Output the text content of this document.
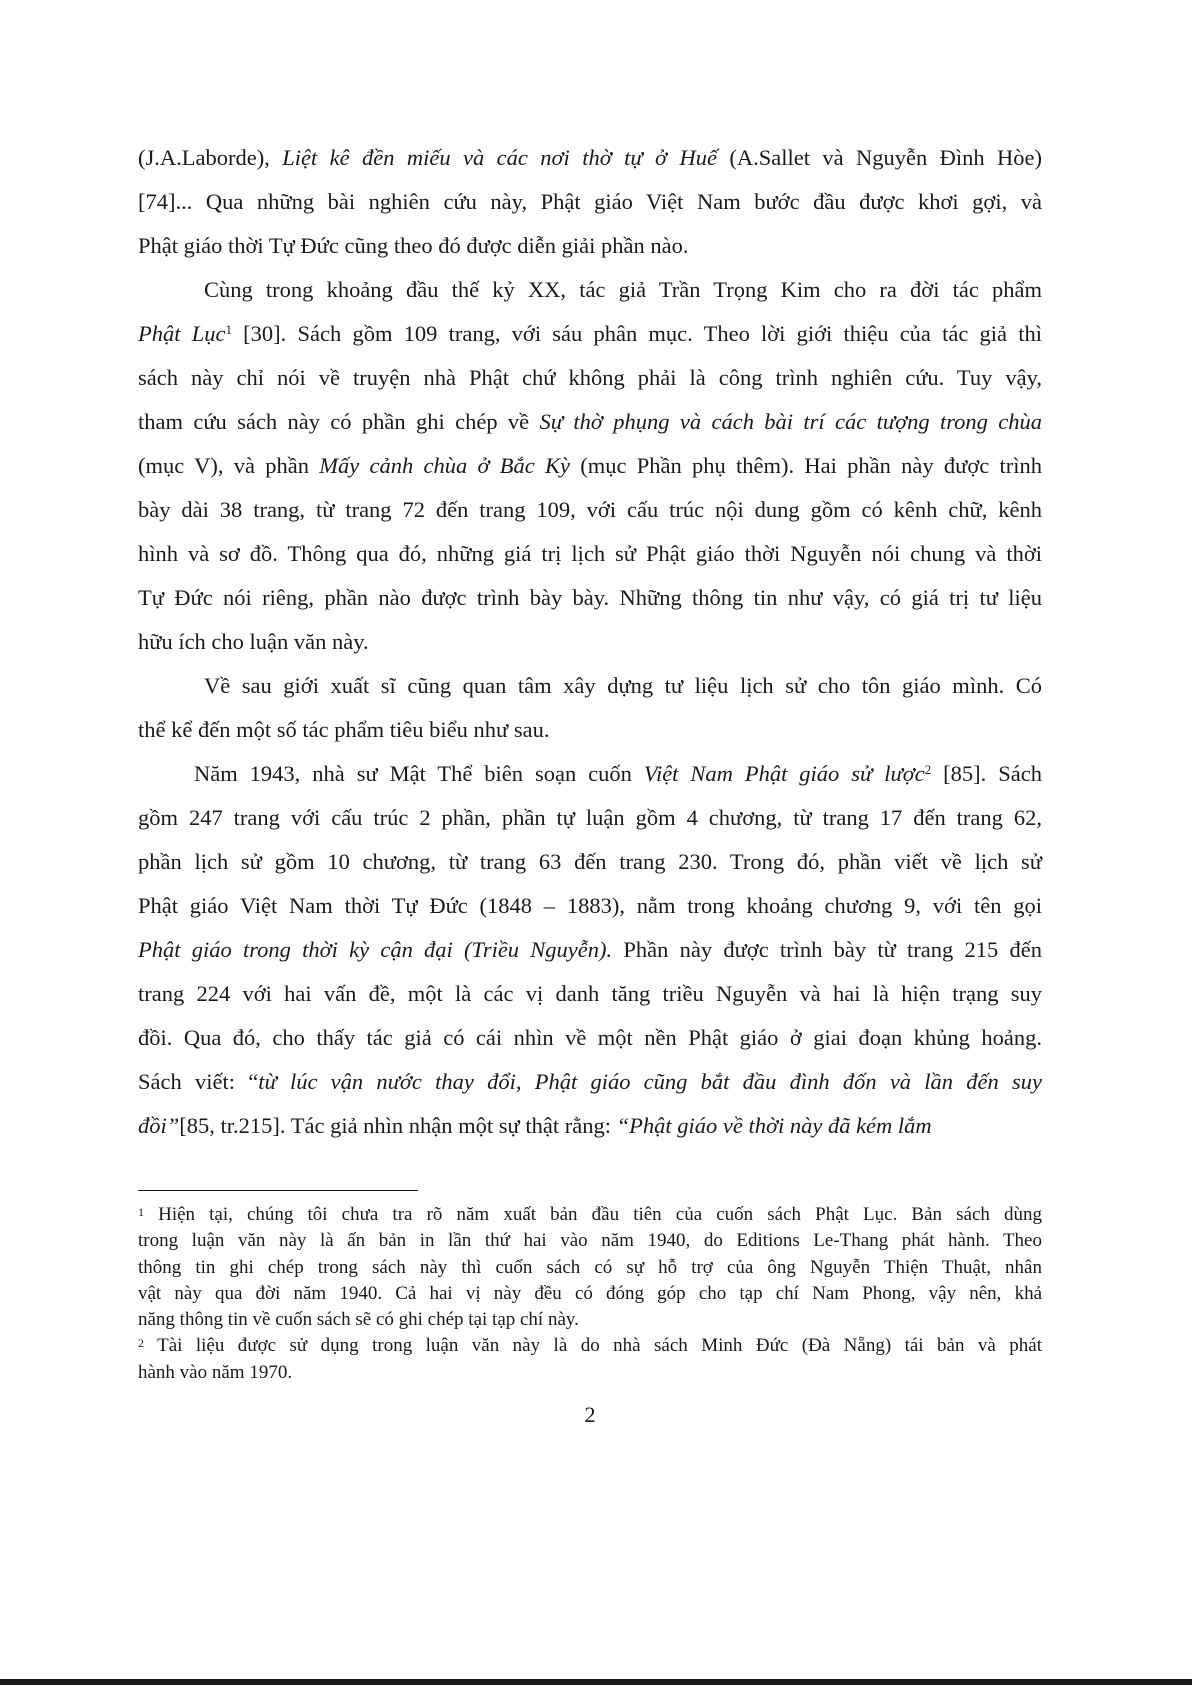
(J.A.Laborde), Liệt kê đền miếu và các nơi thờ tự ở Huế (A.Sallet và Nguyễn Đình Hòe)
[74]... Qua những bài nghiên cứu này, Phật giáo Việt Nam bước đầu được khơi gợi, và
Phật giáo thời Tự Đức cũng theo đó được diễn giải phần nào.
Cùng trong khoảng đầu thế kỷ XX, tác giả Trần Trọng Kim cho ra đời tác phẩm
Phật Lục$^1$ [30]. Sách gồm 109 trang, với sáu phân mục. Theo lời giới thiệu của tác giả thì
sách này chỉ nói về truyện nhà Phật chứ không phải là công trình nghiên cứu. Tuy vậy,
tham cứu sách này có phần ghi chép về Sự thờ phụng và cách bài trí các tượng trong chùa
(mục V), và phần Mấy cảnh chùa ở Bắc Kỳ (mục Phần phụ thêm). Hai phần này được trình
bày dài 38 trang, từ trang 72 đến trang 109, với cấu trúc nội dung gồm có kênh chữ, kênh
hình và sơ đồ. Thông qua đó, những giá trị lịch sử Phật giáo thời Nguyễn nói chung và thời
Tự Đức nói riêng, phần nào được trình bày bày. Những thông tin như vậy, có giá trị tư liệu
hữu ích cho luận văn này.
Về sau giới xuất sĩ cũng quan tâm xây dựng tư liệu lịch sử cho tôn giáo mình. Có
thể kể đến một số tác phẩm tiêu biểu như sau.
Năm 1943, nhà sư Mật Thể biên soạn cuốn Việt Nam Phật giáo sử lược$^2$ [85]. Sách
gồm 247 trang với cấu trúc 2 phần, phần tự luận gồm 4 chương, từ trang 17 đến trang 62,
phần lịch sử gồm 10 chương, từ trang 63 đến trang 230. Trong đó, phần viết về lịch sử
Phật giáo Việt Nam thời Tự Đức (1848 – 1883), nằm trong khoảng chương 9, với tên gọi
Phật giáo trong thời kỳ cận đại (Triều Nguyễn). Phần này được trình bày từ trang 215 đến
trang 224 với hai vấn đề, một là các vị danh tăng triều Nguyễn và hai là hiện trạng suy
đồi. Qua đó, cho thấy tác giả có cái nhìn về một nền Phật giáo ở giai đoạn khủng hoảng.
Sách viết: “từ lúc vận nước thay đổi, Phật giáo cũng bắt đầu đình đốn và lần đến suy
đồi”[85, tr.215]. Tác giả nhìn nhận một sự thật rằng: “Phật giáo về thời này đã kém lắm
$^1$ Hiện tại, chúng tôi chưa tra rõ năm xuất bản đầu tiên của cuốn sách Phật Lục. Bản sách dùng
trong luận văn này là ấn bản in lần thứ hai vào năm 1940, do Editions Le-Thang phát hành. Theo
thông tin ghi chép trong sách này thì cuốn sách có sự hỗ trợ của ông Nguyễn Thiện Thuật, nhân
vật này qua đời năm 1940. Cả hai vị này đều có đóng góp cho tạp chí Nam Phong, vậy nên, khả
năng thông tin về cuốn sách sẽ có ghi chép tại tạp chí này.
$^2$ Tài liệu được sử dụng trong luận văn này là do nhà sách Minh Đức (Đà Nẵng) tái bản và phát
hành vào năm 1970.
2
